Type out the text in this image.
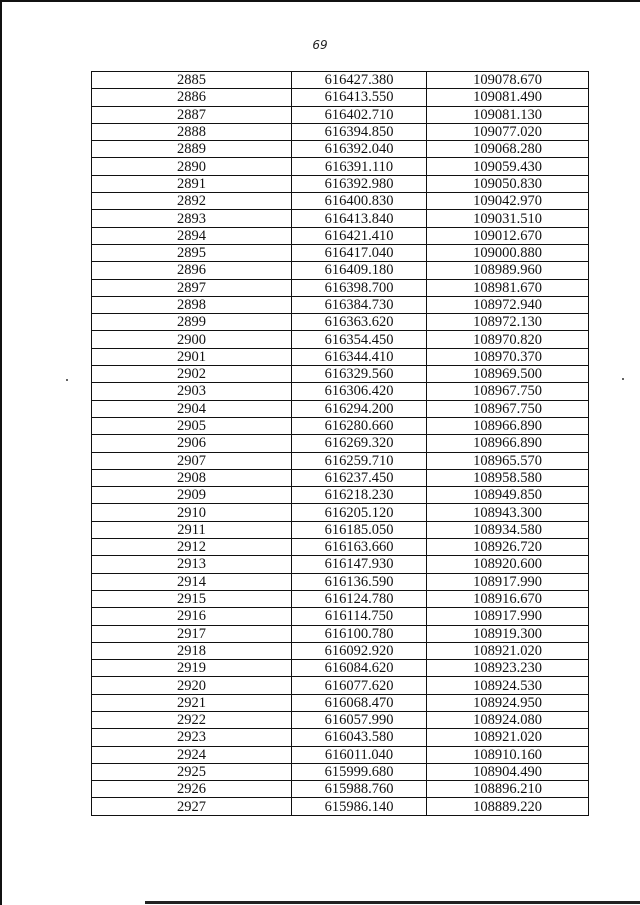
69
2885	616427.380	109078.670
2886	616413.550	109081.490
2887	616402.710	109081.130
2888	616394.850	109077.020
2889	616392.040	109068.280
2890	616391.110	109059.430
2891	616392.980	109050.830
2892	616400.830	109042.970
2893	616413.840	109031.510
2894	616421.410	109012.670
2895	616417.040	109000.880
2896	616409.180	108989.960
2897	616398.700	108981.670
2898	616384.730	108972.940
2899	616363.620	108972.130
2900	616354.450	108970.820
2901	616344.410	108970.370
2902	616329.560	108969.500
2903	616306.420	108967.750
2904	616294.200	108967.750
2905	616280.660	108966.890
2906	616269.320	108966.890
2907	616259.710	108965.570
2908	616237.450	108958.580
2909	616218.230	108949.850
2910	616205.120	108943.300
2911	616185.050	108934.580
2912	616163.660	108926.720
2913	616147.930	108920.600
2914	616136.590	108917.990
2915	616124.780	108916.670
2916	616114.750	108917.990
2917	616100.780	108919.300
2918	616092.920	108921.020
2919	616084.620	108923.230
2920	616077.620	108924.530
2921	616068.470	108924.950
2922	616057.990	108924.080
2923	616043.580	108921.020
2924	616011.040	108910.160
2925	615999.680	108904.490
2926	615988.760	108896.210
2927	615986.140	108889.220
